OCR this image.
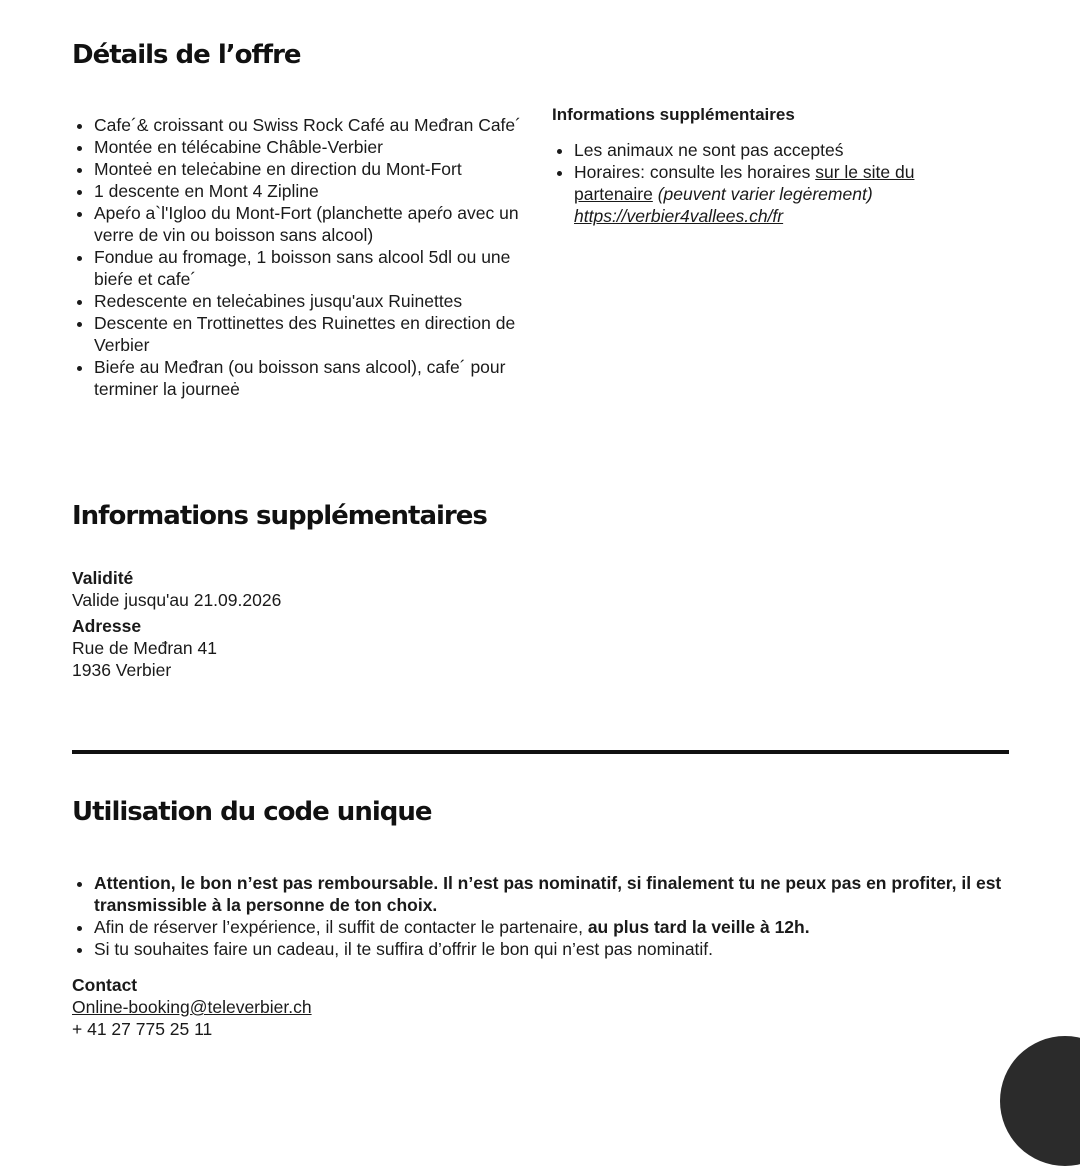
Détails de l’offre
• Cafe´& croissant ou Swiss Rock Café au Međran Cafe´
• Montée en télécabine Châble-Verbier
• Monteė en teleċabine en direction du Mont-Fort
• 1 descente en Mont 4 Zipline
• Apeŕo a`l'Igloo du Mont-Fort (planchette apeŕo avec un verre de vin ou boisson sans alcool)
• Fondue au fromage, 1 boisson sans alcool 5dl ou une bieŕe et cafe´
• Redescente en teleċabines jusqu'aux Ruinettes
• Descente en Trottinettes des Ruinettes en direction de Verbier
• Bieŕe au Međran (ou boisson sans alcool), cafe´ pour terminer la journeė
Informations supplémentaires
• Les animaux ne sont pas accepteś
• Horaires: consulte les horaires sur le site du partenaire (peuvent varier legėrement)
https://verbier4vallees.ch/fr
Informations supplémentaires
Validité
Valide jusqu'au 21.09.2026
Adresse
Rue de Međran 41
1936 Verbier
Utilisation du code unique
• Attention, le bon n’est pas remboursable. Il n’est pas nominatif, si finalement tu ne peux pas en profiter, il est transmissible à la personne de ton choix.
• Afin de réserver l’expérience, il suffit de contacter le partenaire, au plus tard la veille à 12h.
• Si tu souhaites faire un cadeau, il te suffira d’offrir le bon qui n’est pas nominatif.
Contact
Online-booking@televerbier.ch
+ 41 27 775 25 11
